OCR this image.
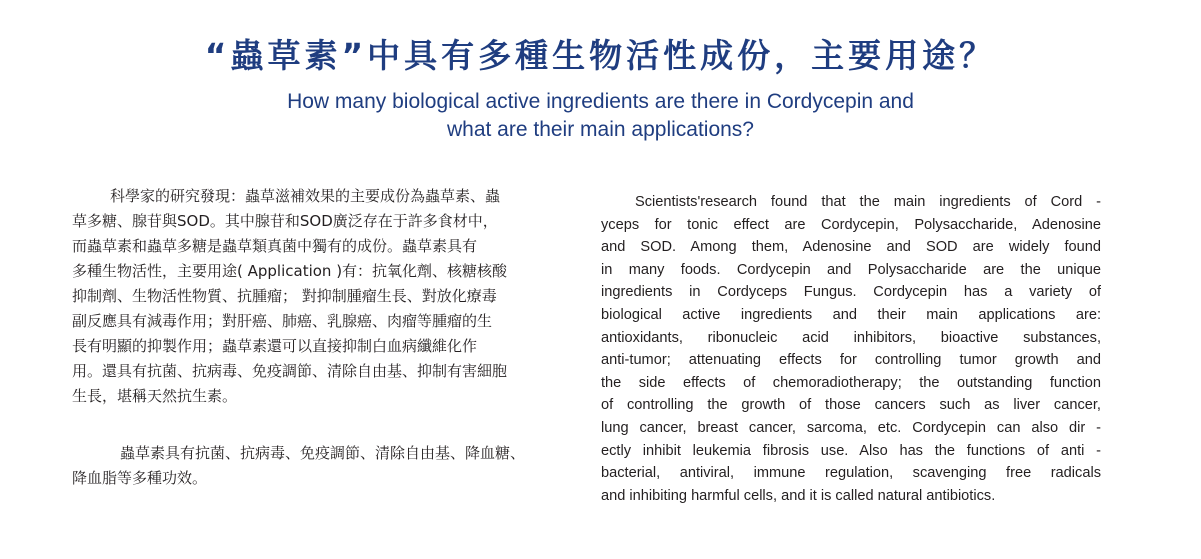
“蟲草素”中具有多種生物活性成份，主要用途？
How many biological active ingredients are there in Cordycepin and
what are their main applications?
科學家的研究發現：蟲草滋補效果的主要成份為蟲草素、蟲
草多糖、腺苷與SOD。其中腺苷和SOD廣泛存在于許多食材中，
而蟲草素和蟲草多糖是蟲草類真菌中獨有的成份。蟲草素具有
多種生物活性，主要用途( Application )有：抗氧化劑、核糖核酸
抑制劑、生物活性物質、抗腫瘤； 對抑制腫瘤生長、對放化療毒
副反應具有減毒作用；對肝癌、肺癌、乳腺癌、肉瘤等腫瘤的生
長有明顯的抑製作用；蟲草素還可以直接抑制白血病纖維化作
用。還具有抗菌、抗病毒、免疫調節、清除自由基、抑制有害細胞
生長，堪稱天然抗生素。
蟲草素具有抗菌、抗病毒、免疫調節、清除自由基、降血糖、
降血脂等多種功效。
Scientists'research found that the main ingredients of Cord -
yceps for tonic effect are Cordycepin, Polysaccharide, Adenosine
and SOD. Among them, Adenosine and SOD are widely found
in many foods. Cordycepin and Polysaccharide are the unique
ingredients in Cordyceps Fungus. Cordycepin has a variety of
biological active ingredients and their main applications are:
antioxidants, ribonucleic acid inhibitors, bioactive substances,
anti-tumor; attenuating effects for controlling tumor growth and
the side effects of chemoradiotherapy; the outstanding function
of controlling the growth of those cancers such as liver cancer,
lung cancer, breast cancer, sarcoma, etc. Cordycepin can also dir -
ectly inhibit leukemia fibrosis use. Also has the functions of anti -
bacterial, antiviral, immune regulation, scavenging free radicals
and inhibiting harmful cells, and it is called natural antibiotics.
